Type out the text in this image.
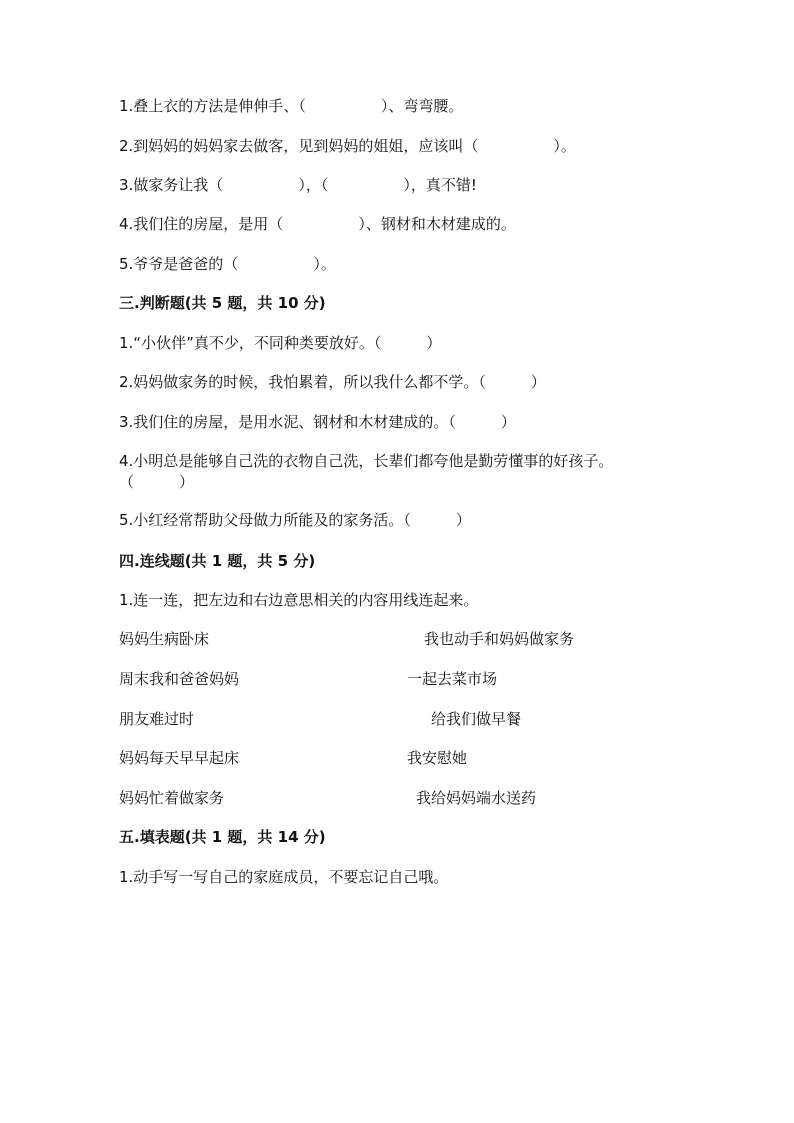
1.叠上衣的方法是伸伸手、（　　　　　）、弯弯腰。
2.到妈妈的妈妈家去做客，见到妈妈的姐姐，应该叫（　　　　　）。
3.做家务让我（　　　　　），（　　　　　），真不错!
4.我们住的房屋，是用（　　　　　）、钢材和木材建成的。
5.爷爷是爸爸的（　　　　　）。
三.判断题(共 5 题，共 10 分)
1.“小伙伴”真不少，不同种类要放好。（　　　）
2.妈妈做家务的时候，我怕累着，所以我什么都不学。（　　　）
3.我们住的房屋，是用水泥、钢材和木材建成的。（　　　）
4.小明总是能够自己洗的衣物自己洗，长辈们都夸他是勤劳懂事的好孩子。
（　　　）
5.小红经常帮助父母做力所能及的家务活。（　　　）
四.连线题(共 1 题，共 5 分)
1.连一连，把左边和右边意思相关的内容用线连起来。
妈妈生病卧床	我也动手和妈妈做家务
周末我和爸爸妈妈	一起去菜市场
朋友难过时	给我们做早餐
妈妈每天早早起床	我安慰她
妈妈忙着做家务	我给妈妈端水送药
五.填表题(共 1 题，共 14 分)
1.动手写一写自己的家庭成员，不要忘记自己哦。
